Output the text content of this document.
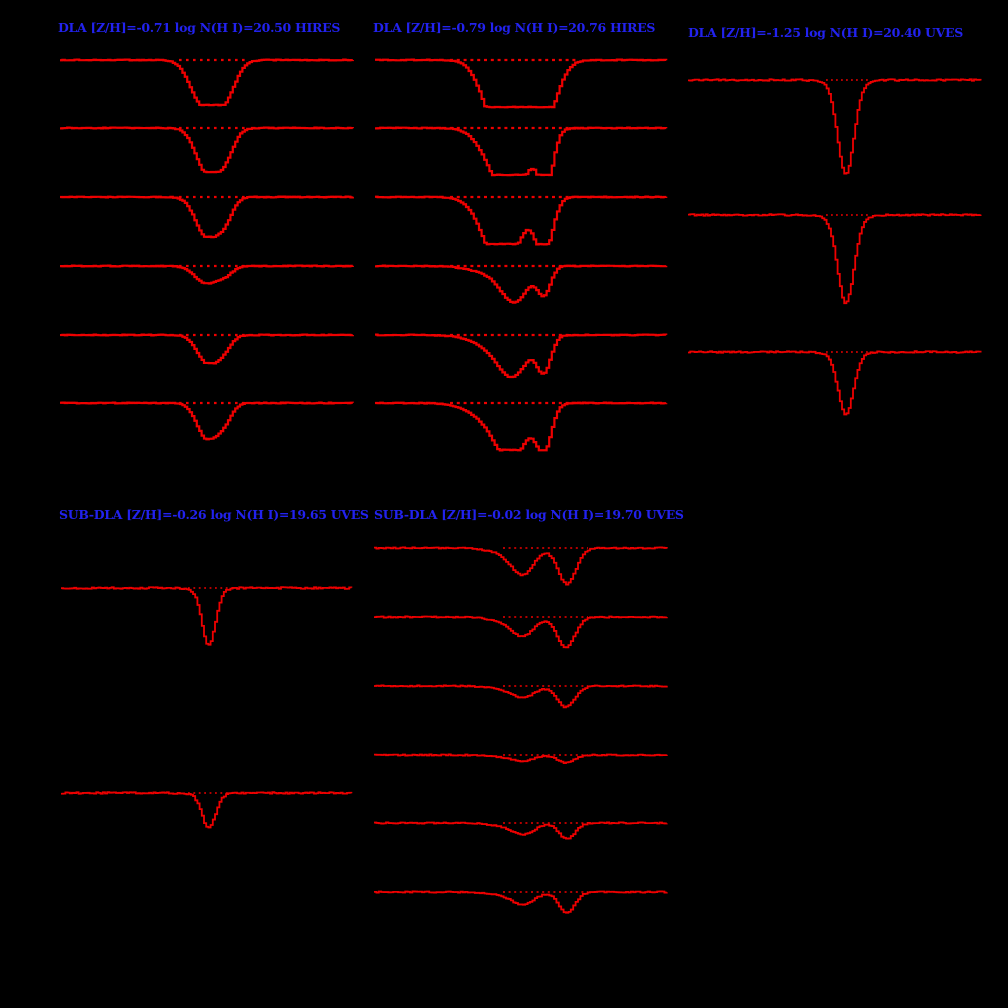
DLA [Z/H]=-0.71 log N(H I)=20.50 HIRES	DLA [Z/H]=-0.79 log N(H I)=20.76 HIRES	DLA [Z/H]=-1.25 log N(H I)=20.40 UVES
SUB-DLA [Z/H]=-0.26 log N(H I)=19.65 UVES SUB-DLA [Z/H]=-0.02 log N(H I)=19.70 UVES
